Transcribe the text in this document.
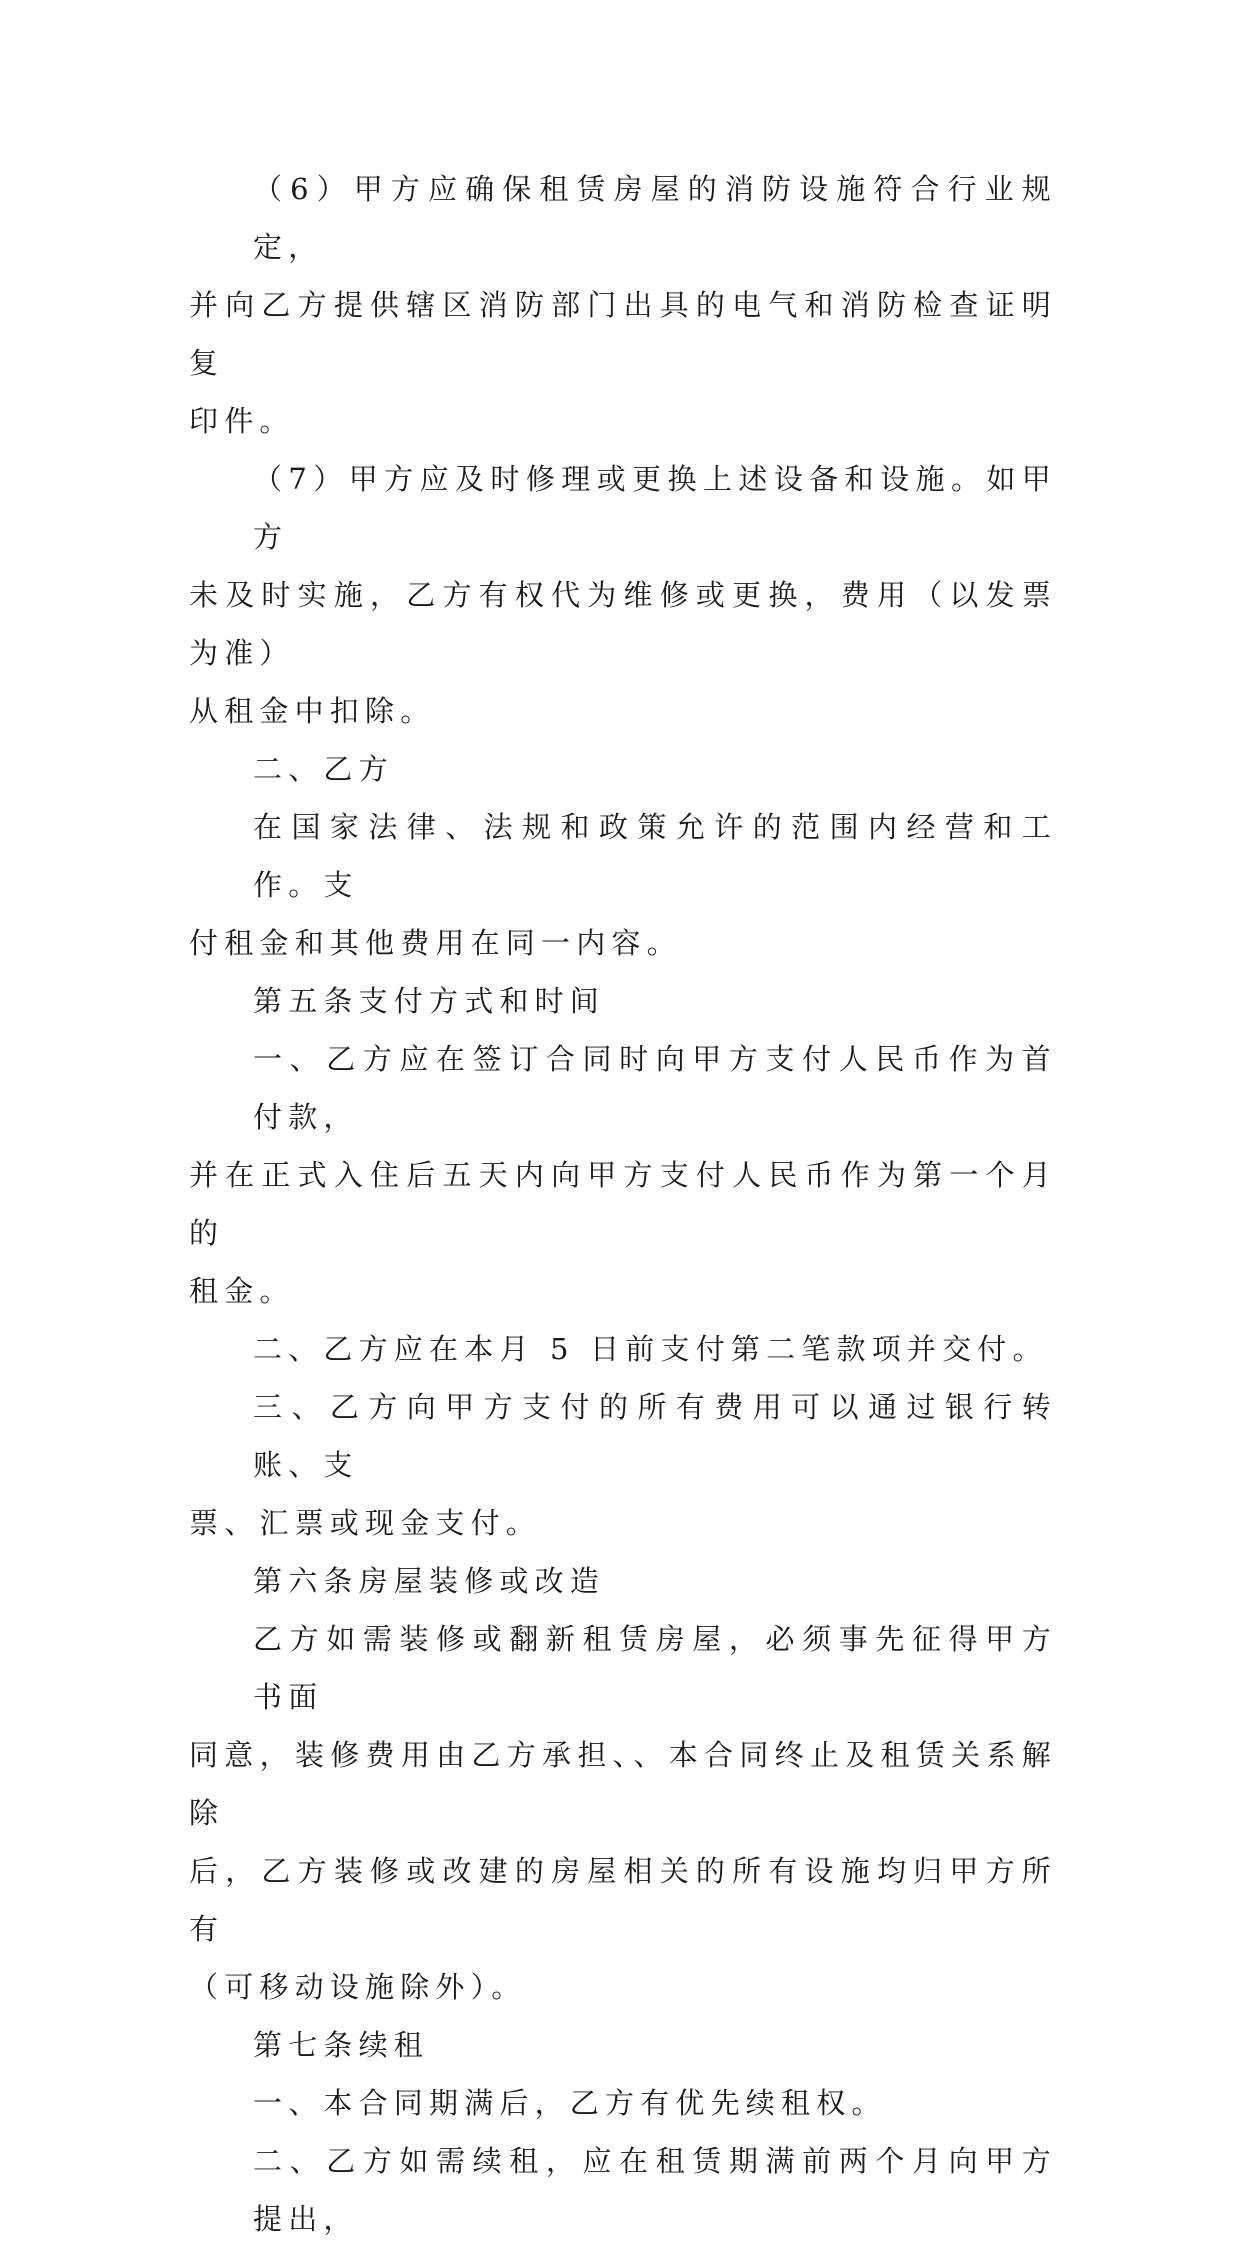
（6）甲方应确保租赁房屋的消防设施符合行业规定，
并向乙方提供辖区消防部门出具的电气和消防检查证明复
印件。

（7）甲方应及时修理或更换上述设备和设施。如甲方
未及时实施，乙方有权代为维修或更换，费用（以发票为准）
从租金中扣除。

二、乙方

在国家法律、法规和政策允许的范围内经营和工作。支
付租金和其他费用在同一内容。

第五条支付方式和时间

一、乙方应在签订合同时向甲方支付人民币作为首付款，
并在正式入住后五天内向甲方支付人民币作为第一个月的
租金。

二、乙方应在本月 5 日前支付第二笔款项并交付。

三、乙方向甲方支付的所有费用可以通过银行转账、支
票、汇票或现金支付。

第六条房屋装修或改造

乙方如需装修或翻新租赁房屋，必须事先征得甲方书面
同意，装修费用由乙方承担、、本合同终止及租赁关系解除
后，乙方装修或改建的房屋相关的所有设施均归甲方所有
（可移动设施除外）。

第七条续租

一、本合同期满后，乙方有优先续租权。

二、乙方如需续租，应在租赁期满前两个月向甲方提出，
